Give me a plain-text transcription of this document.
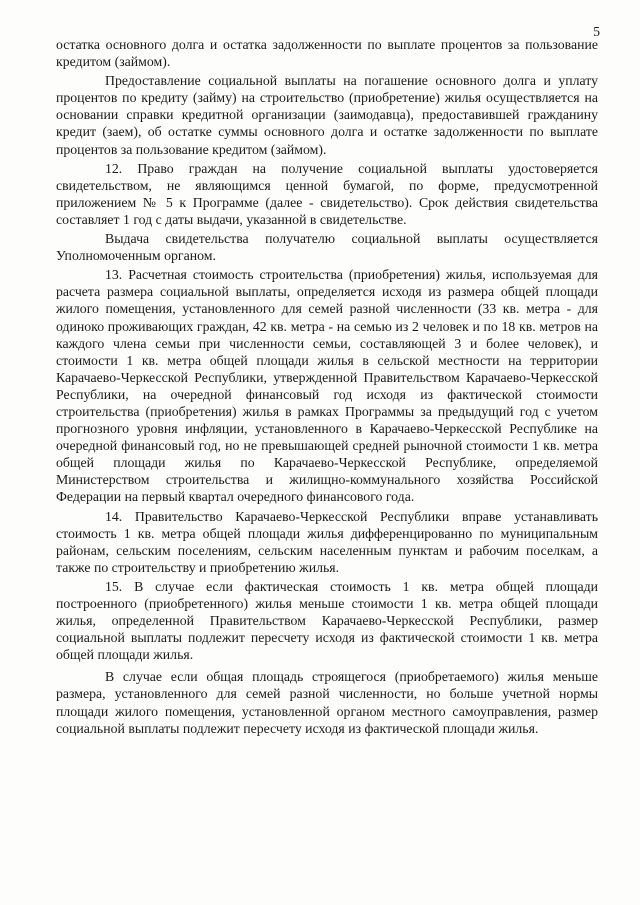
5

остатка основного долга и остатка задолженности по выплате процентов за пользование кредитом (займом).

Предоставление социальной выплаты на погашение основного долга и уплату процентов по кредиту (займу) на строительство (приобретение) жилья осуществляется на основании справки кредитной организации (заимодавца), предоставившей гражданину кредит (заем), об остатке суммы основного долга и остатке задолженности по выплате процентов за пользование кредитом (займом).

12. Право граждан на получение социальной выплаты удостоверяется свидетельством, не являющимся ценной бумагой, по форме, предусмотренной приложением № 5 к Программе (далее - свидетельство). Срок действия свидетельства составляет 1 год с даты выдачи, указанной в свидетельстве.

Выдача свидетельства получателю социальной выплаты осуществляется Уполномоченным органом.

13. Расчетная стоимость строительства (приобретения) жилья, используемая для расчета размера социальной выплаты, определяется исходя из размера общей площади жилого помещения, установленного для семей разной численности (33 кв. метра - для одиноко проживающих граждан, 42 кв. метра - на семью из 2 человек и по 18 кв. метров на каждого члена семьи при численности семьи, составляющей 3 и более человек), и стоимости 1 кв. метра общей площади жилья в сельской местности на территории Карачаево-Черкесской Республики, утвержденной Правительством Карачаево-Черкесской Республики, на очередной финансовый год исходя из фактической стоимости строительства (приобретения) жилья в рамках Программы за предыдущий год с учетом прогнозного уровня инфляции, установленного в Карачаево-Черкесской Республике на очередной финансовый год, но не превышающей средней рыночной стоимости 1 кв. метра общей площади жилья по Карачаево-Черкесской Республике, определяемой Министерством строительства и жилищно-коммунального хозяйства Российской Федерации на первый квартал очередного финансового года.

14. Правительство Карачаево-Черкесской Республики вправе устанавливать стоимость 1 кв. метра общей площади жилья дифференцированно по муниципальным районам, сельским поселениям, сельским населенным пунктам и рабочим поселкам, а также по строительству и приобретению жилья.

15. В случае если фактическая стоимость 1 кв. метра общей площади построенного (приобретенного) жилья меньше стоимости 1 кв. метра общей площади жилья, определенной Правительством Карачаево-Черкесской Республики, размер социальной выплаты подлежит пересчету исходя из фактической стоимости 1 кв. метра общей площади жилья.

В случае если общая площадь строящегося (приобретаемого) жилья меньше размера, установленного для семей разной численности, но больше учетной нормы площади жилого помещения, установленной органом местного самоуправления, размер социальной выплаты подлежит пересчету исходя из фактической площади жилья.
